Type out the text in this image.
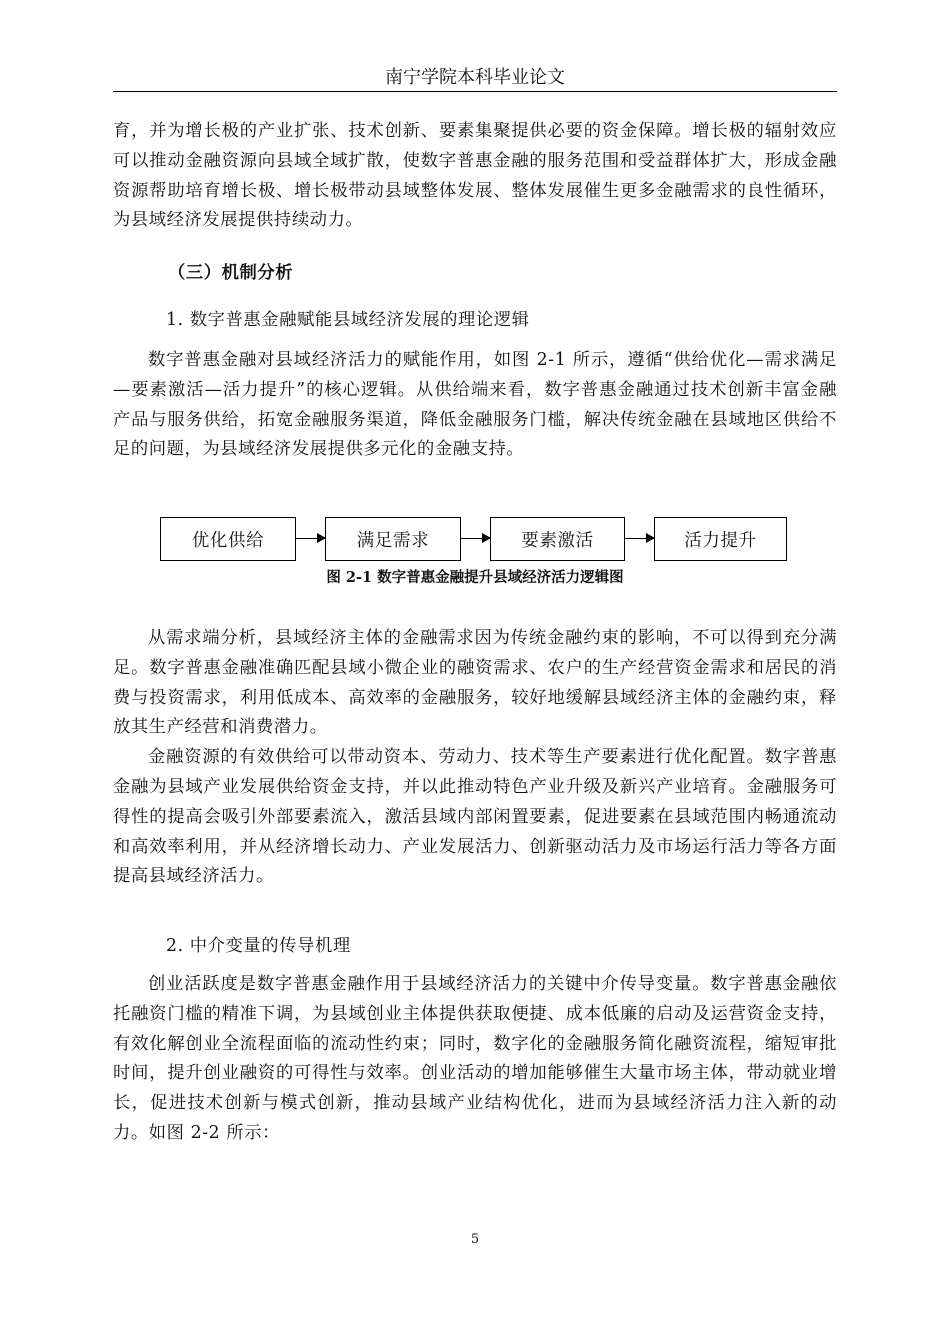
南宁学院本科毕业论文

育，并为增长极的产业扩张、技术创新、要素集聚提供必要的资金保障。增长极的辐射效应可以推动金融资源向县域全域扩散，使数字普惠金融的服务范围和受益群体扩大，形成金融资源帮助培育增长极、增长极带动县域整体发展、整体发展催生更多金融需求的良性循环，为县域经济发展提供持续动力。

（三）机制分析
1. 数字普惠金融赋能县域经济发展的理论逻辑

数字普惠金融对县域经济活力的赋能作用，如图 2-1 所示，遵循“供给优化—需求满足—要素激活—活力提升”的核心逻辑。从供给端来看，数字普惠金融通过技术创新丰富金融产品与服务供给，拓宽金融服务渠道，降低金融服务门槛，解决传统金融在县域地区供给不足的问题，为县域经济发展提供多元化的金融支持。

优化供给	满足需求	要素激活	活力提升
图 2-1 数字普惠金融提升县域经济活力逻辑图

从需求端分析，县域经济主体的金融需求因为传统金融约束的影响，不可以得到充分满足。数字普惠金融准确匹配县域小微企业的融资需求、农户的生产经营资金需求和居民的消费与投资需求，利用低成本、高效率的金融服务，较好地缓解县域经济主体的金融约束，释放其生产经营和消费潜力。

金融资源的有效供给可以带动资本、劳动力、技术等生产要素进行优化配置。数字普惠金融为县域产业发展供给资金支持，并以此推动特色产业升级及新兴产业培育。金融服务可得性的提高会吸引外部要素流入，激活县域内部闲置要素，促进要素在县域范围内畅通流动和高效率利用，并从经济增长动力、产业发展活力、创新驱动活力及市场运行活力等各方面提高县域经济活力。

2. 中介变量的传导机理

创业活跃度是数字普惠金融作用于县域经济活力的关键中介传导变量。数字普惠金融依托融资门槛的精准下调，为县域创业主体提供获取便捷、成本低廉的启动及运营资金支持，有效化解创业全流程面临的流动性约束；同时，数字化的金融服务简化融资流程，缩短审批时间，提升创业融资的可得性与效率。创业活动的增加能够催生大量市场主体，带动就业增长，促进技术创新与模式创新，推动县域产业结构优化，进而为县域经济活力注入新的动力。如图 2-2 所示：

5
